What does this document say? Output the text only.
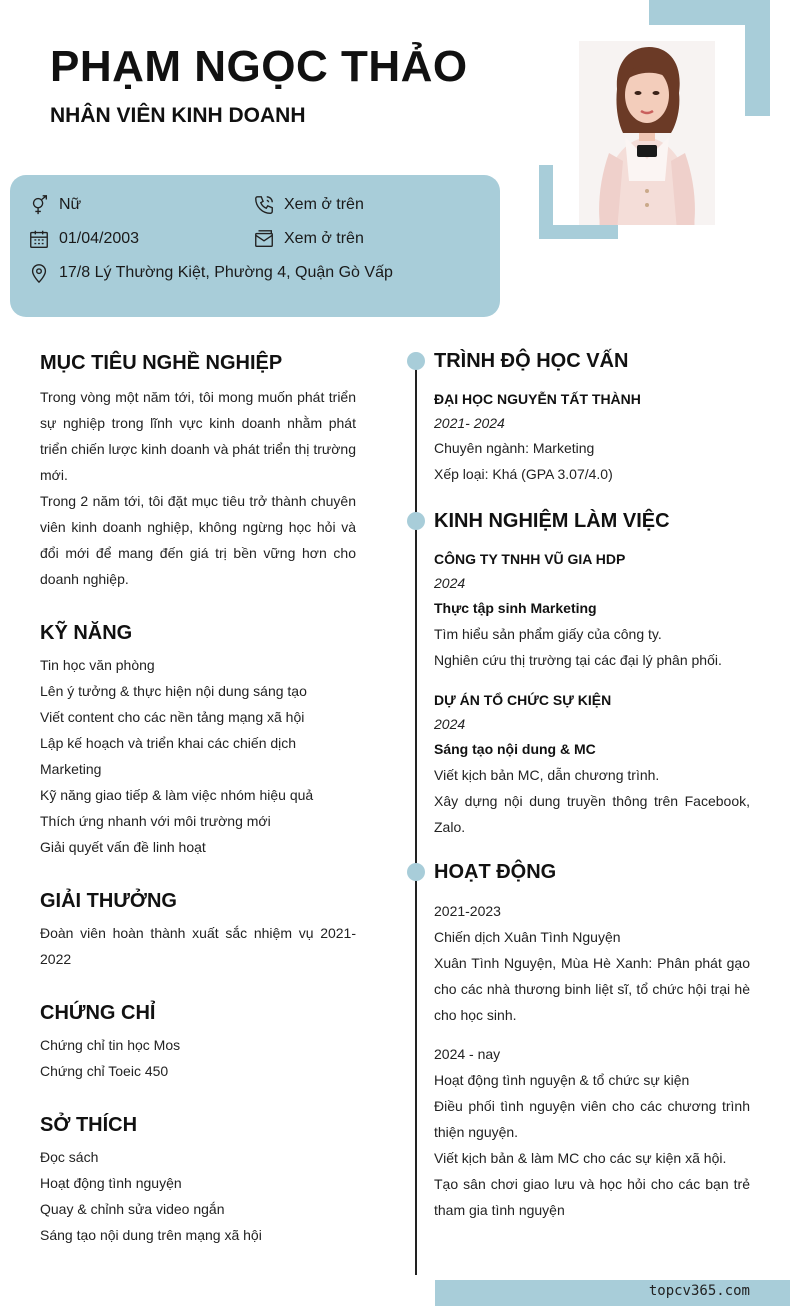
PHẠM NGỌC THẢO
NHÂN VIÊN KINH DOANH
Nữ	Xem ở trên
01/04/2003	Xem ở trên
17/8 Lý Thường Kiệt, Phường 4, Quận Gò Vấp
MỤC TIÊU NGHỀ NGHIỆP

Trong vòng một năm tới, tôi mong muốn phát triển sự nghiệp trong lĩnh vực kinh doanh nhằm phát triển chiến lược kinh doanh và phát triển thị trường mới.

Trong 2 năm tới, tôi đặt mục tiêu trở thành chuyên viên kinh doanh nghiệp, không ngừng học hỏi và đổi mới để mang đến giá trị bền vững hơn cho doanh nghiệp.

KỸ NĂNG
Tin học văn phòng
Lên ý tưởng & thực hiện nội dung sáng tạo
Viết content cho các nền tảng mạng xã hội
Lập kế hoạch và triển khai các chiến dịch Marketing
Kỹ năng giao tiếp & làm việc nhóm hiệu quả
Thích ứng nhanh với môi trường mới
Giải quyết vấn đề linh hoạt
GIẢI THƯỞNG

Đoàn viên hoàn thành xuất sắc nhiệm vụ 2021-2022

CHỨNG CHỈ
Chứng chỉ tin học Mos
Chứng chỉ Toeic 450
SỞ THÍCH
Đọc sách
Hoạt động tình nguyện
Quay & chỉnh sửa video ngắn
Sáng tạo nội dung trên mạng xã hội
TRÌNH ĐỘ HỌC VẤN
ĐẠI HỌC NGUYỄN TẤT THÀNH
2021- 2024
Chuyên ngành: Marketing
Xếp loại: Khá (GPA 3.07/4.0)
KINH NGHIỆM LÀM VIỆC
CÔNG TY TNHH VŨ GIA HDP
2024
Thực tập sinh Marketing
Tìm hiểu sản phẩm giấy của công ty.
Nghiên cứu thị trường tại các đại lý phân phối.
DỰ ÁN TỔ CHỨC SỰ KIỆN
2024
Sáng tạo nội dung & MC
Viết kịch bản MC, dẫn chương trình.
Xây dựng nội dung truyền thông trên Facebook, Zalo.
HOẠT ĐỘNG
2021-2023
Chiến dịch Xuân Tình Nguyện

Xuân Tình Nguyện, Mùa Hè Xanh: Phân phát gạo cho các nhà thương binh liệt sĩ, tổ chức hội trại hè cho học sinh.

2024 - nay
Hoạt động tình nguyện & tổ chức sự kiện

Điều phối tình nguyện viên cho các chương trình thiện nguyện.

Viết kịch bản & làm MC cho các sự kiện xã hội.

Tạo sân chơi giao lưu và học hỏi cho các bạn trẻ tham gia tình nguyện

topcv365.com
